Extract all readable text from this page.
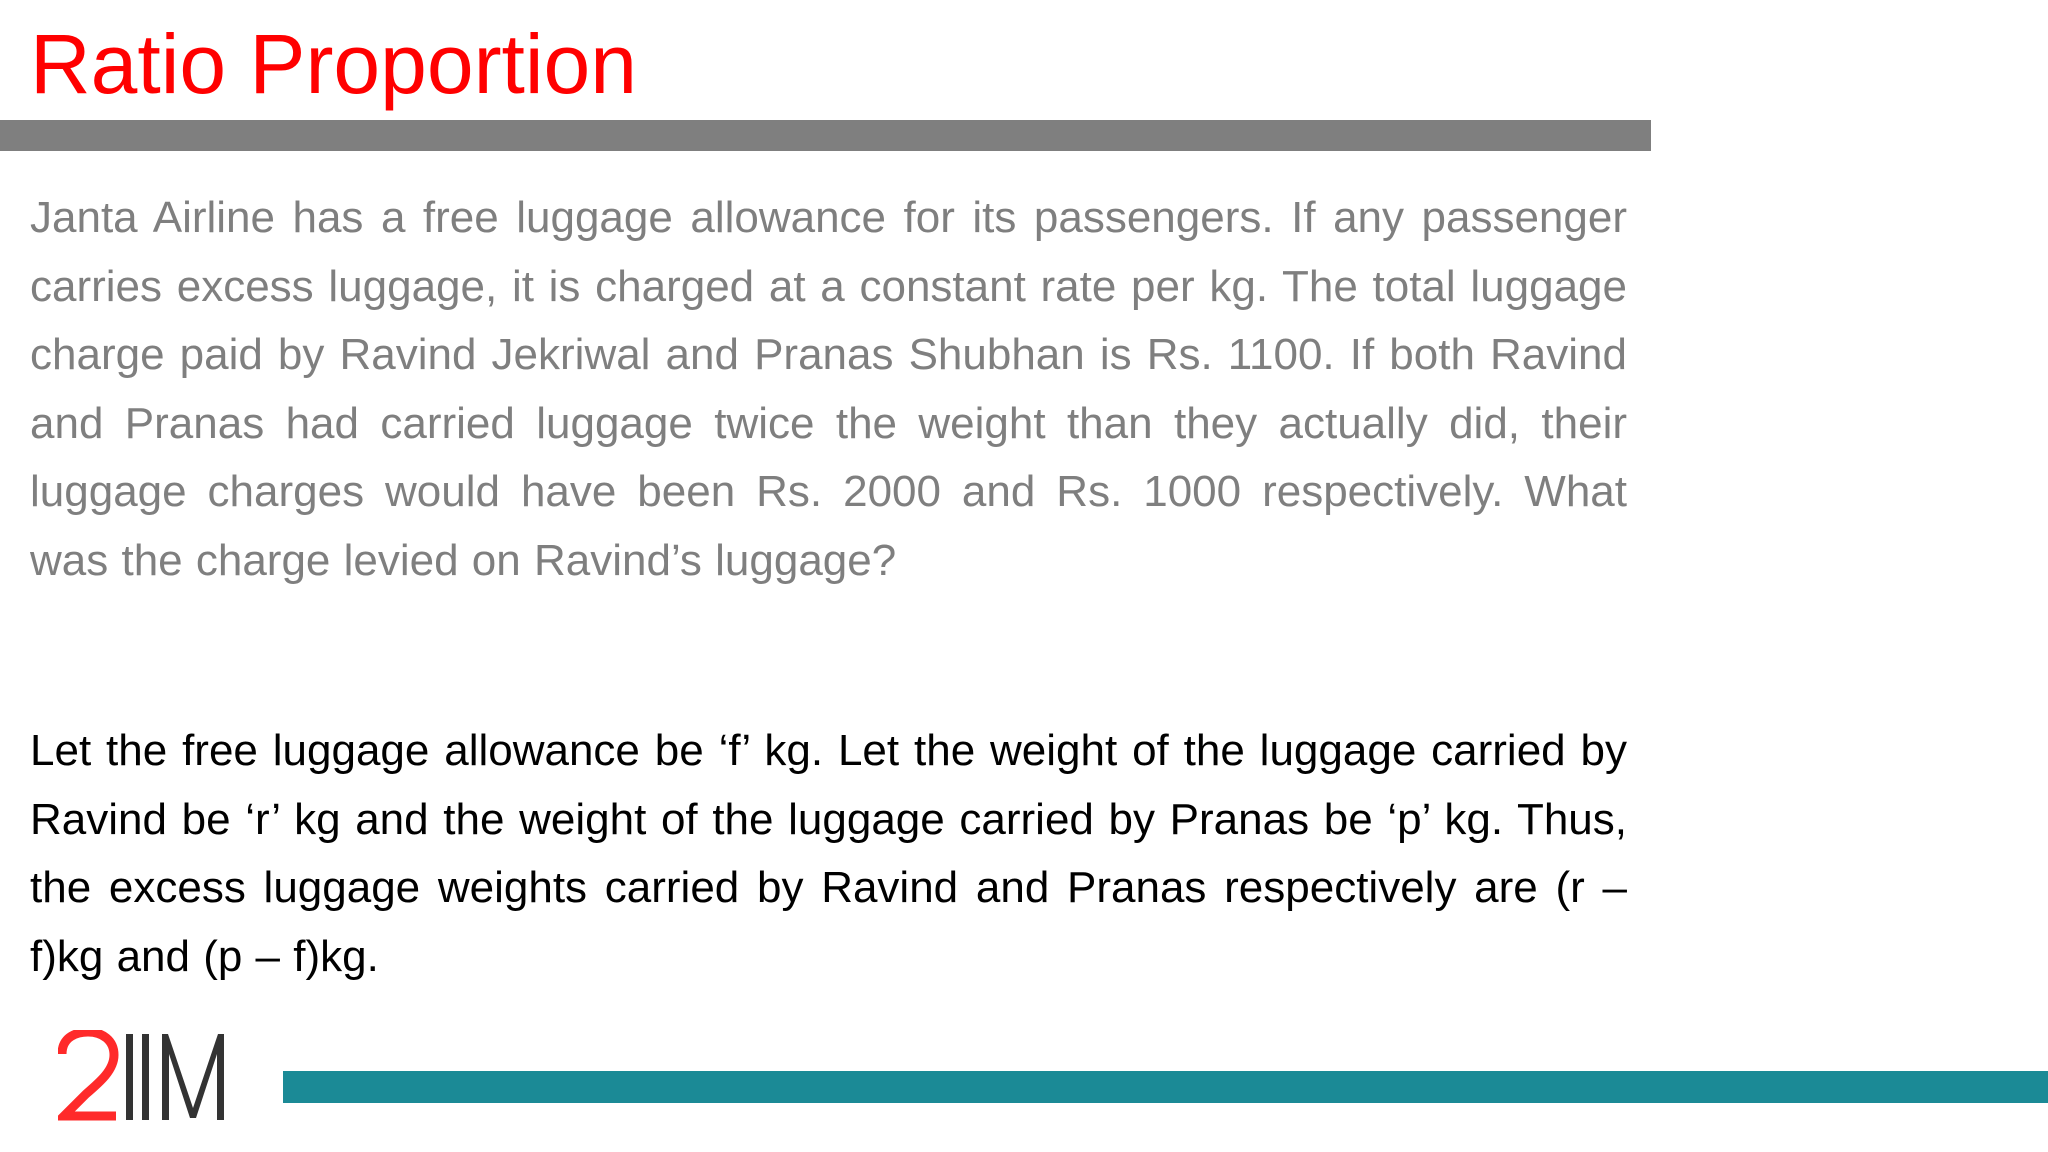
Ratio Proportion

Janta Airline has a free luggage allowance for its passengers. If any passenger carries excess luggage, it is charged at a constant rate per kg. The total luggage charge paid by Ravind Jekriwal and Pranas Shubhan is Rs. 1100. If both Ravind and Pranas had carried luggage twice the weight than they actually did, their luggage charges would have been Rs. 2000 and Rs. 1000 respectively. What was the charge levied on Ravind’s luggage?

Let the free luggage allowance be ‘f’ kg. Let the weight of the luggage carried by Ravind be ‘r’ kg and the weight of the luggage carried by Pranas be ‘p’ kg. Thus, the excess luggage weights carried by Ravind and Pranas respectively are (r – f)kg and (p – f)kg.
